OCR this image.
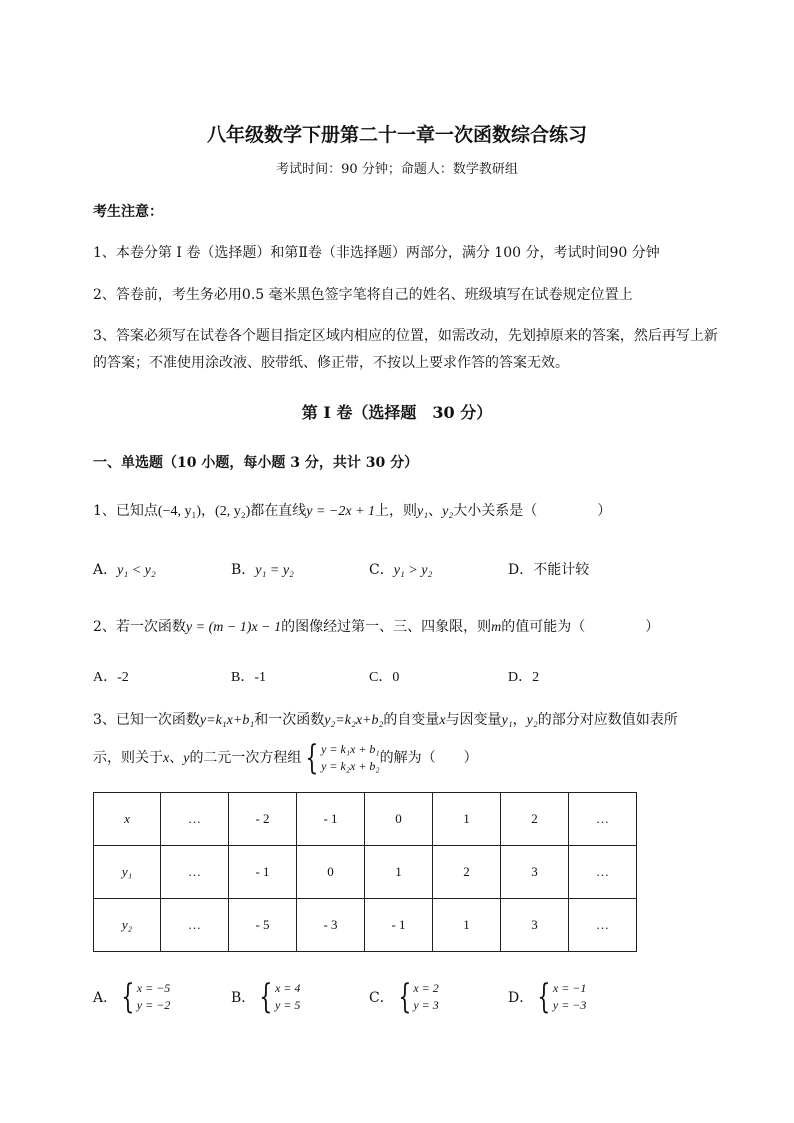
八年级数学下册第二十一章一次函数综合练习
考试时间：90 分钟；命题人：数学教研组
考生注意：
1、本卷分第 I 卷（选择题）和第Ⅱ卷（非选择题）两部分，满分 100 分，考试时间90 分钟
2、答卷前，考生务必用0.5 毫米黑色签字笔将自己的姓名、班级填写在试卷规定位置上
3、答案必须写在试卷各个题目指定区域内相应的位置，如需改动，先划掉原来的答案，然后再写上新
的答案；不准使用涂改液、胶带纸、修正带，不按以上要求作答的答案无效。
第 I 卷（选择题　30 分）
一、单选题（10 小题，每小题 3 分，共计 30 分）
1、已知点(−4, y₁)，(2, y₂)都在直线y = −2x + 1上，则y₁、y₂大小关系是（	）
A．y₁ < y₂	B．y₁ = y₂	C．y₁ > y₂	D．不能计较
2、若一次函数y = (m − 1)x − 1的图像经过第一、三、四象限，则m的值可能为（	）
A．-2	B．-1	C．0	D．2
3、已知一次函数y=k₁x+b₁和一次函数y₂=k₂x+b₂的自变量x与因变量y₁，y₂的部分对应数值如表所
示，则关于x、y的二元一次方程组 { y = k₁x + b₁
y = k₂x + b₂ 的解为（　　）
x	…	- 2	- 1	0	1	2	…
y₁	…	- 1	0	1	2	3	…
y₂	…	- 5	- 3	- 1	1	3	…
A． { x = −5
y = −2	B． { x = 4
y = 5	C． { x = 2
y = 3	D． { x = −1
y = −3
